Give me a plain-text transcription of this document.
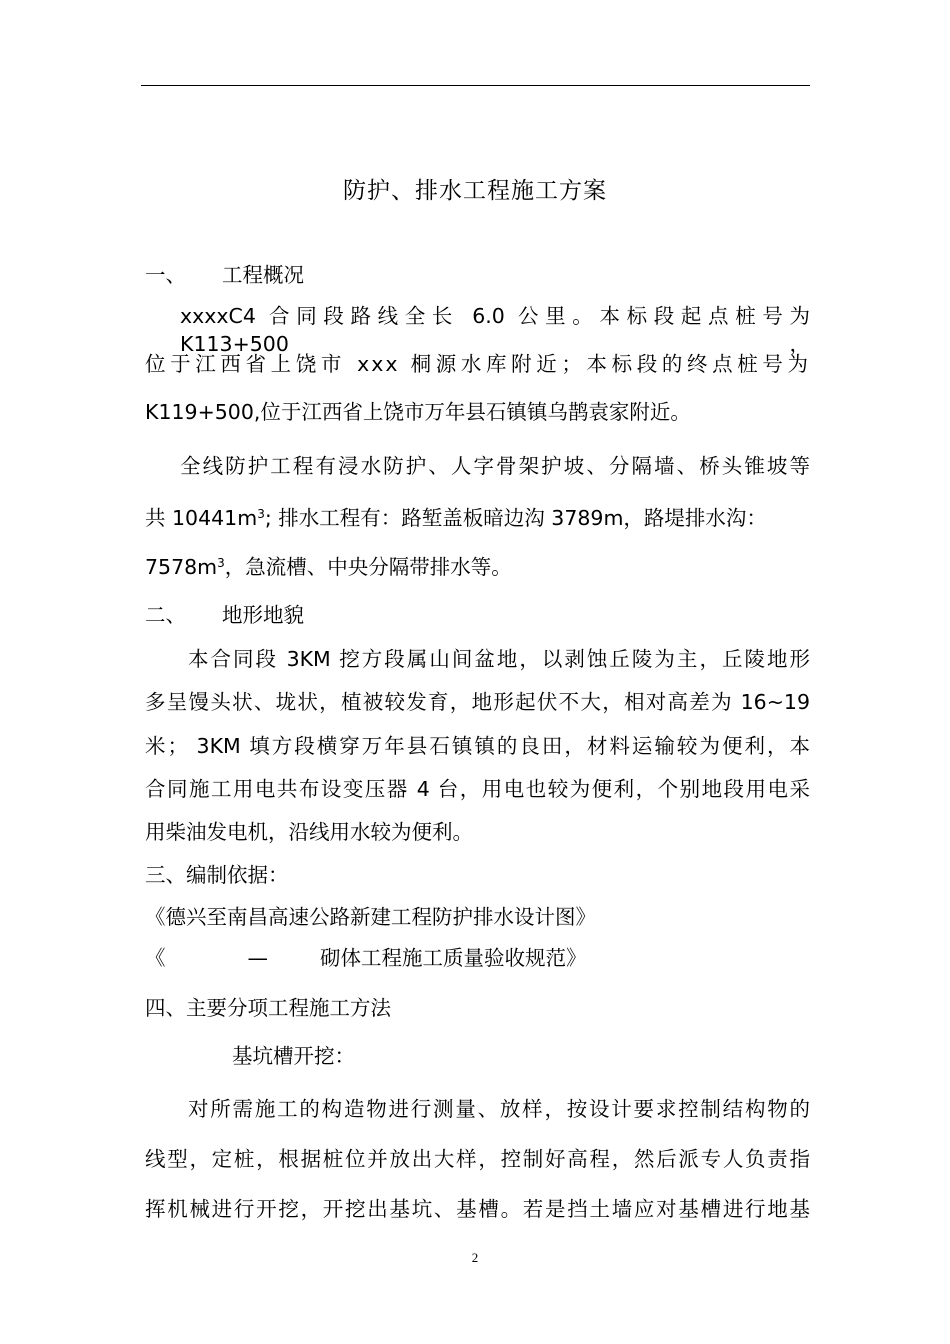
防护、排水工程施工方案
一、 工程概况
xxxxC4 合同段路线全长 6.0 公里。本标段起点桩号为 K113+500，
位于江西省上饶市 xxx 桐源水库附近；本标段的终点桩号为
K119+500,位于江西省上饶市万年县石镇镇乌鹊袁家附近。
全线防护工程有浸水防护、人字骨架护坡、分隔墙、桥头锥坡等
共 $10441m^3$; 排水工程有：路堑盖板暗边沟 3789m，路堤排水沟：
$7578m^3$，急流槽、中央分隔带排水等。
二、 地形地貌
本合同段 3KM 挖方段属山间盆地，以剥蚀丘陵为主，丘陵地形
多呈馒头状、垅状，植被较发育，地形起伏不大，相对高差为 16~19
米； 3KM 填方段横穿万年县石镇镇的良田，材料运输较为便利，本
合同施工用电共布设变压器 4 台，用电也较为便利，个别地段用电采
用柴油发电机，沿线用水较为便利。
三、编制依据：
《德兴至南昌高速公路新建工程防护排水设计图》
《	—	砌体工程施工质量验收规范》
四、主要分项工程施工方法
基坑槽开挖：
对所需施工的构造物进行测量、放样，按设计要求控制结构物的
线型，定桩，根据桩位并放出大样，控制好高程，然后派专人负责指
挥机械进行开挖，开挖出基坑、基槽。若是挡土墙应对基槽进行地基
2
